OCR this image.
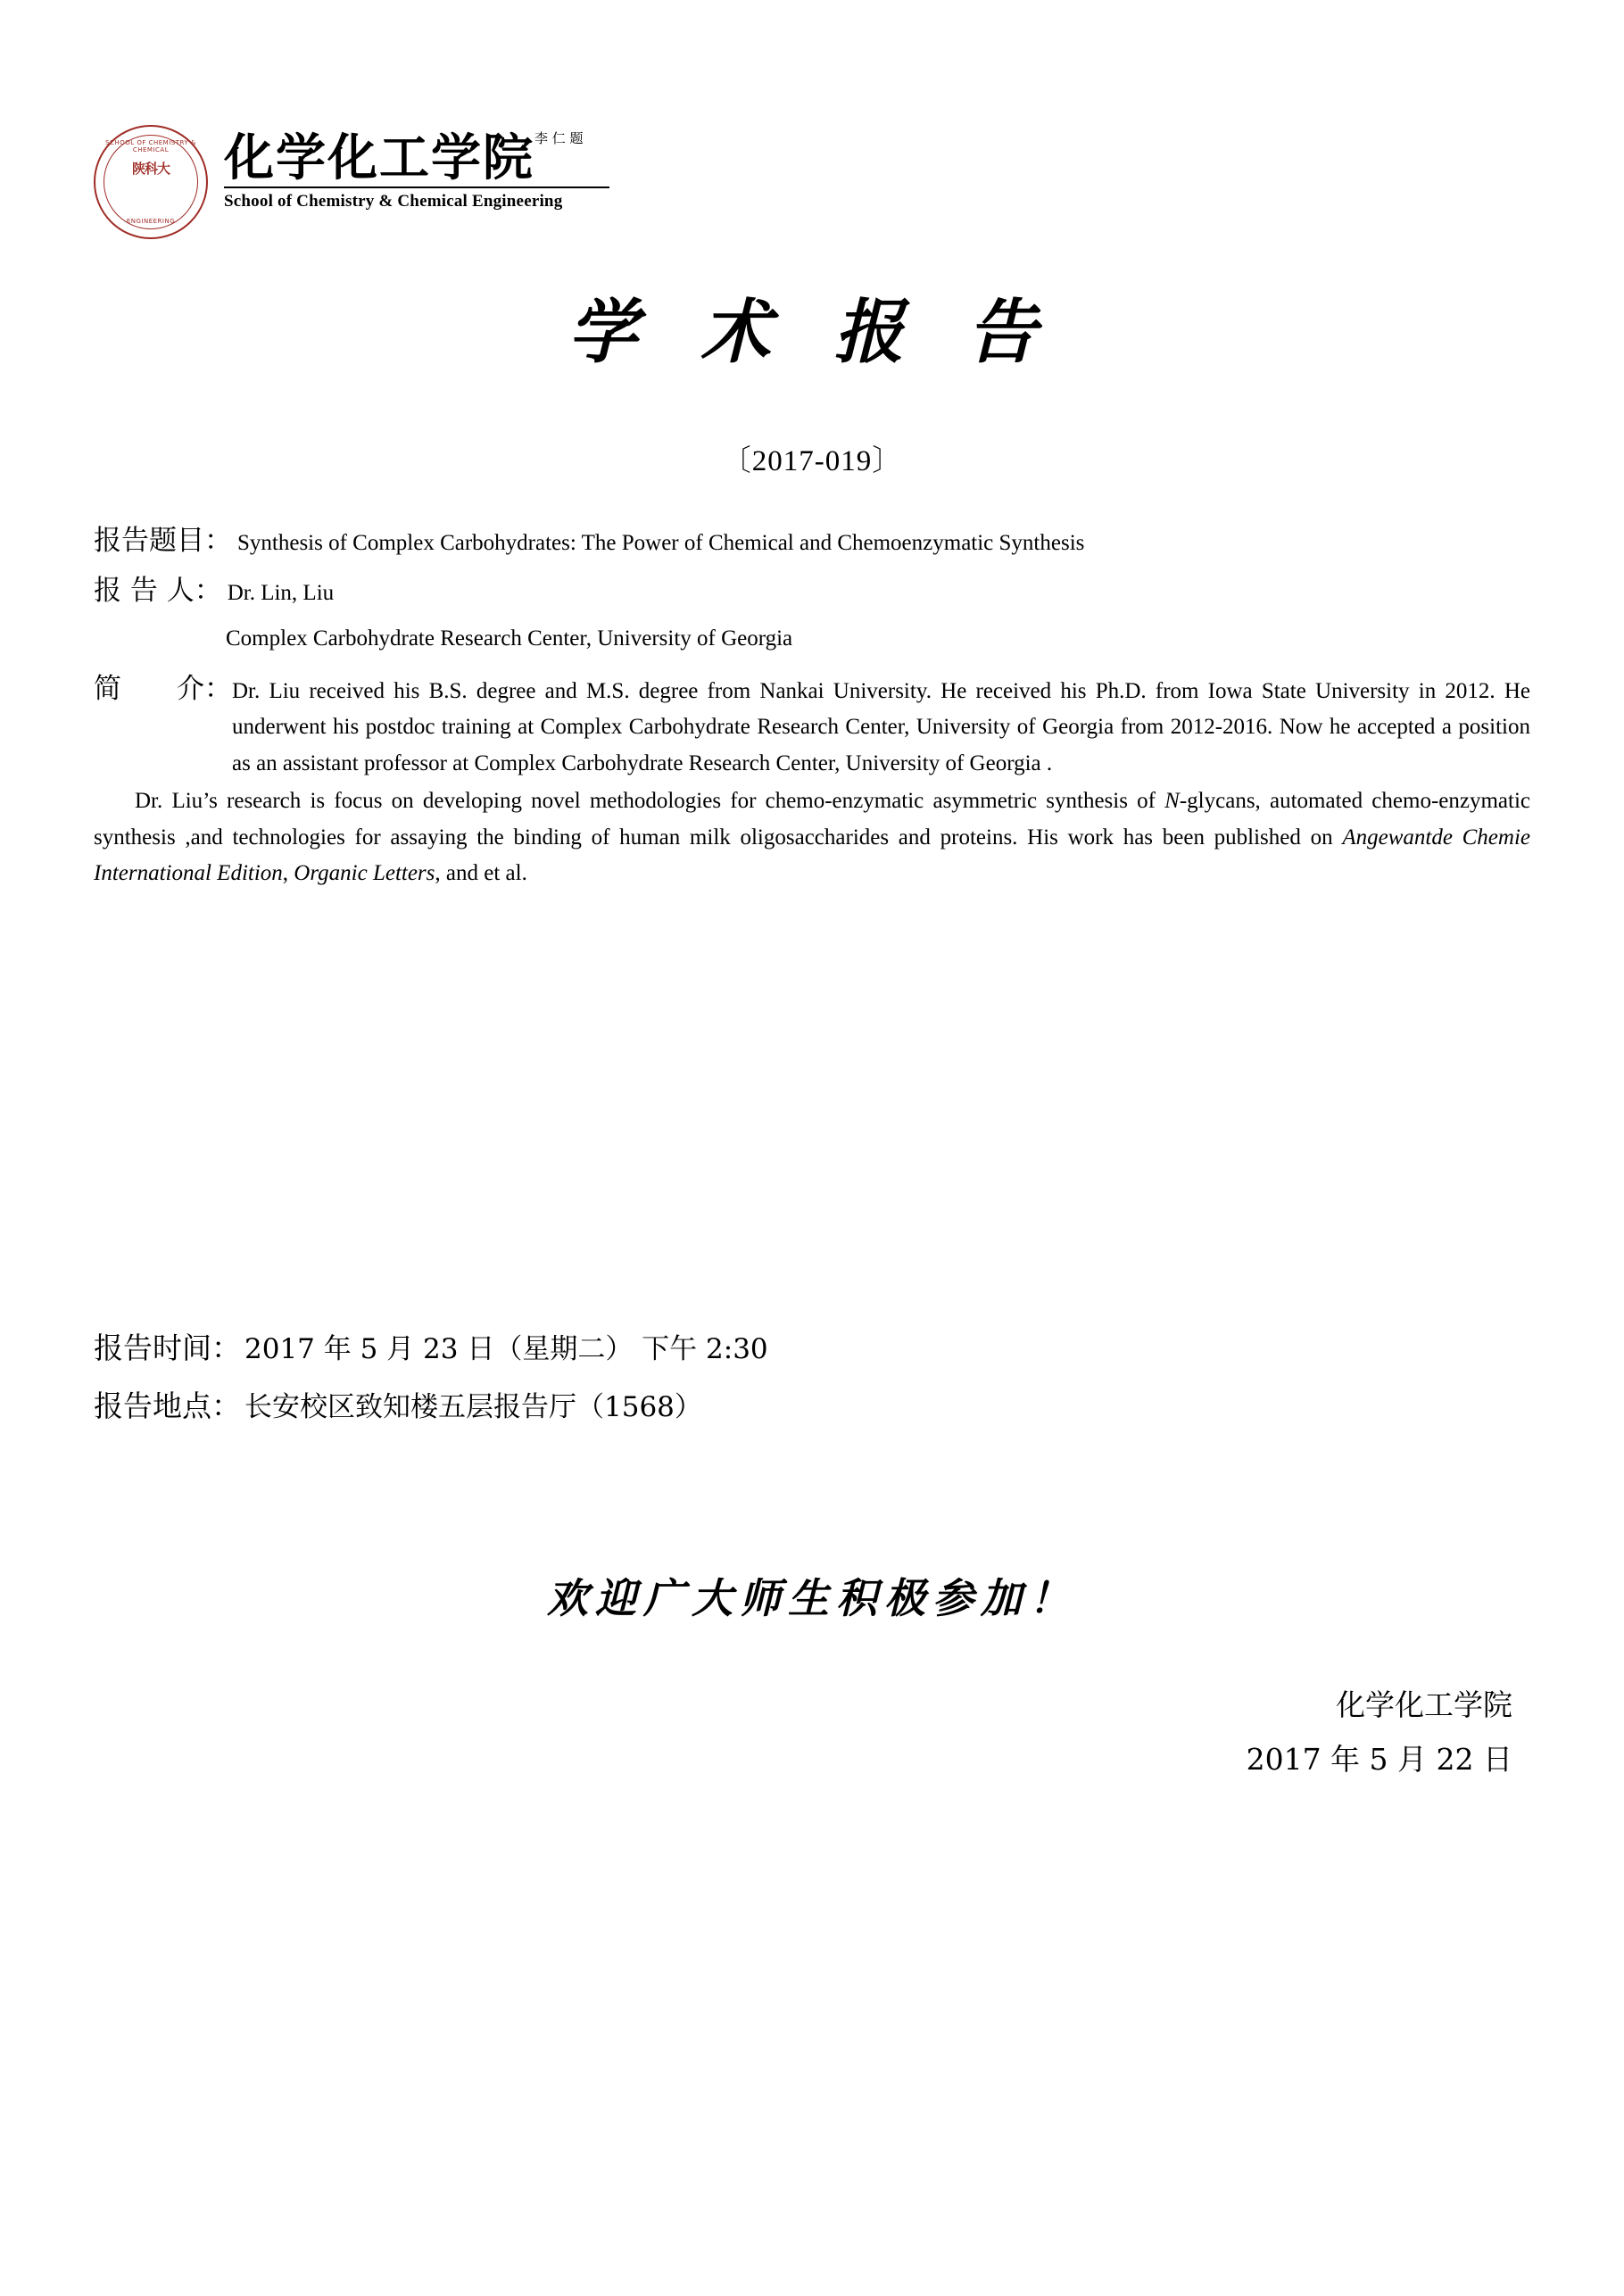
SCHOOL OF CHEMISTRY & CHEMICAL
陕科大
ENGINEERING
化学化工学院$^{李 仁 题}$
School of Chemistry & Chemical Engineering
学 术 报 告
〔2017-019〕
报告题目： Synthesis of Complex Carbohydrates: The Power of Chemical and Chemoenzymatic Synthesis
报 告 人： Dr. Lin, Liu
Complex Carbohydrate Research Center, University of Georgia
简　　介： Dr. Liu received his B.S. degree and M.S. degree from Nankai University. He received his Ph.D. from Iowa State University in 2012. He underwent his postdoc training at Complex Carbohydrate Research Center, University of Georgia from 2012-2016. Now he accepted a position as an assistant professor at Complex Carbohydrate Research Center, University of Georgia .
Dr. Liu’s research is focus on developing novel methodologies for chemo-enzymatic asymmetric synthesis of N-glycans, automated chemo-enzymatic synthesis ,and technologies for assaying the binding of human milk oligosaccharides and proteins. His work has been published on Angewantde Chemie International Edition, Organic Letters, and et al.
报告时间： 2017 年 5 月 23 日（星期二） 下午 2:30
报告地点： 长安校区致知楼五层报告厅（1568）
欢迎广大师生积极参加！
化学化工学院
2017 年 5 月 22 日
